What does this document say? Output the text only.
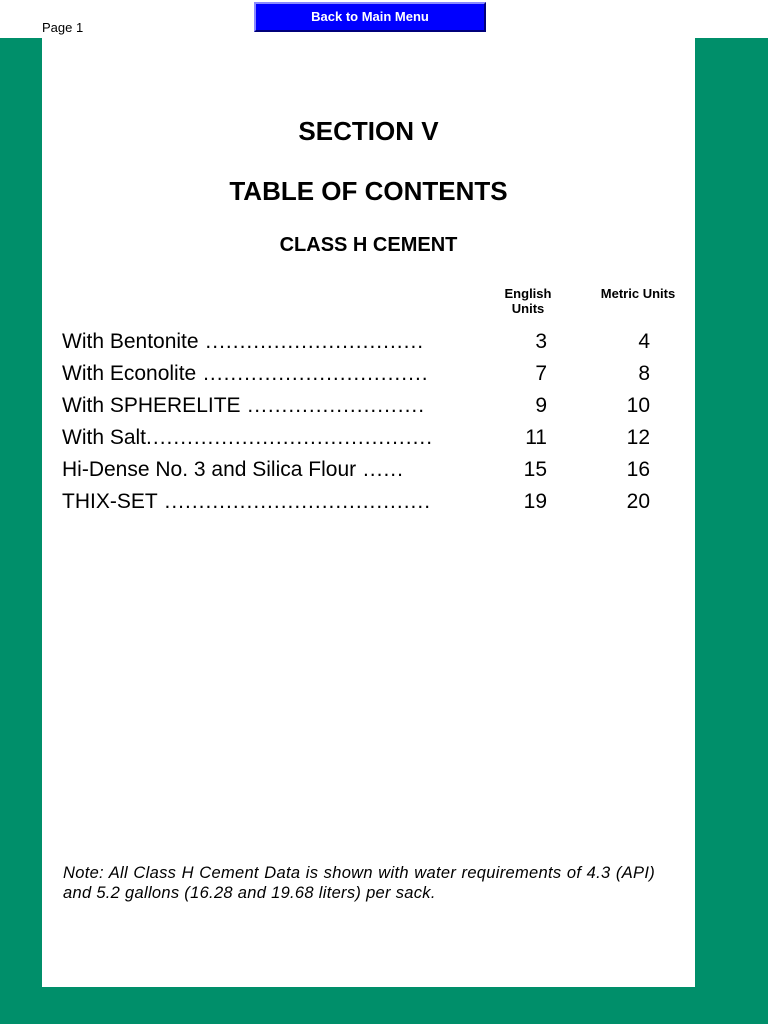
Page 1
Back to Main Menu
SECTION V
TABLE OF CONTENTS
CLASS H CEMENT
English Units
Metric Units
With Bentonite ................................	3	4
With Econolite .................................	7	8
With SPHERELITE ..........................	9	10
With Salt..........................................	11	12
Hi-Dense No. 3 and Silica Flour ......	15	16
THIX-SET .......................................	19	20
Note: All Class H Cement Data is shown with water requirements of 4.3 (API) and 5.2 gallons (16.28 and 19.68 liters) per sack.
